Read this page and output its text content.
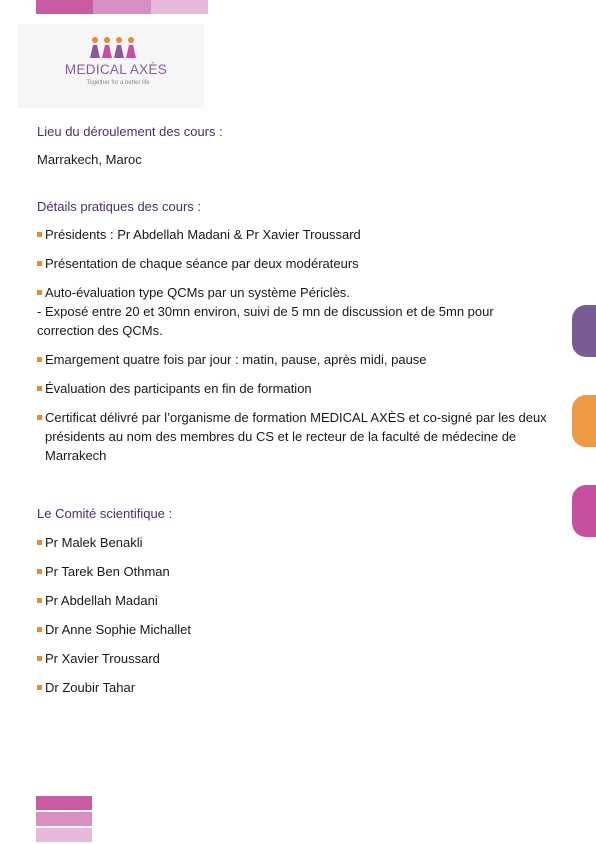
MEDICAL AXÈS
Together for a better life

Lieu du déroulement des cours :

Marrakech, Maroc

Détails pratiques des cours :

Présidents : Pr Abdellah Madani & Pr Xavier Troussard

Présentation de chaque séance par deux modérateurs

Auto-évaluation type QCMs par un système Périclès.

- Exposé entre 20 et 30mn environ, suivi de 5 mn de discussion et de 5mn pour correction des QCMs.

Emargement quatre fois par jour : matin, pause, après midi, pause

Évaluation des participants en fin de formation

Certificat délivré par l’organisme de formation MEDICAL AXÈS et co-signé par les deux présidents au nom des membres du CS et le recteur de la faculté de médecine de Marrakech

Le Comité scientifique :

Pr Malek Benakli

Pr Tarek Ben Othman

Pr Abdellah Madani

Dr Anne Sophie Michallet

Pr Xavier Troussard

Dr Zoubir Tahar
